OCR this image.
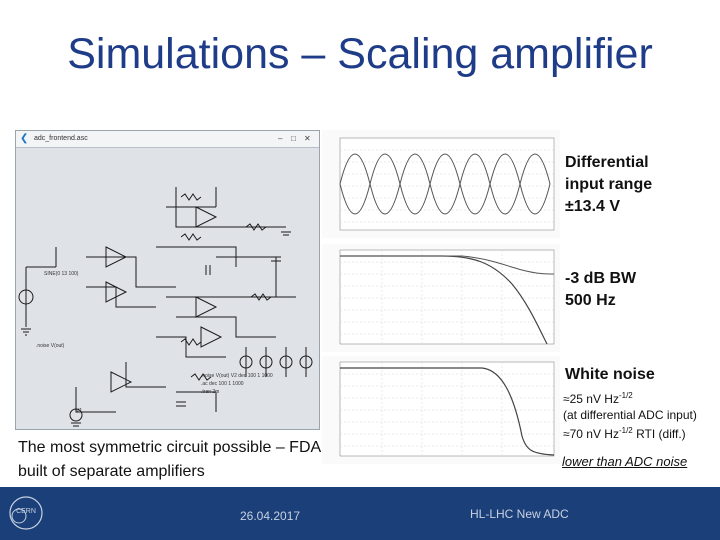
Simulations – Scaling amplifier
❮ adc_frontend.asc	– □ ✕
.noise V(out)
.noise V(out) V2 dec 100 1 1000
.ac dec 100 1 1000
.tran 2m
V1
SINE(0 13 100)
Differential
input range
±13.4 V
-3 dB BW
500 Hz
White noise
≈25 nV $Hz^{-1/2}$
(at differential ADC input)
≈70 nV $Hz^{-1/2}$ RTI (diff.)
lower than ADC noise
The most symmetric circuit possible – FDA built of separate amplifiers
CERN	26.04.2017	HL-LHC New ADC
